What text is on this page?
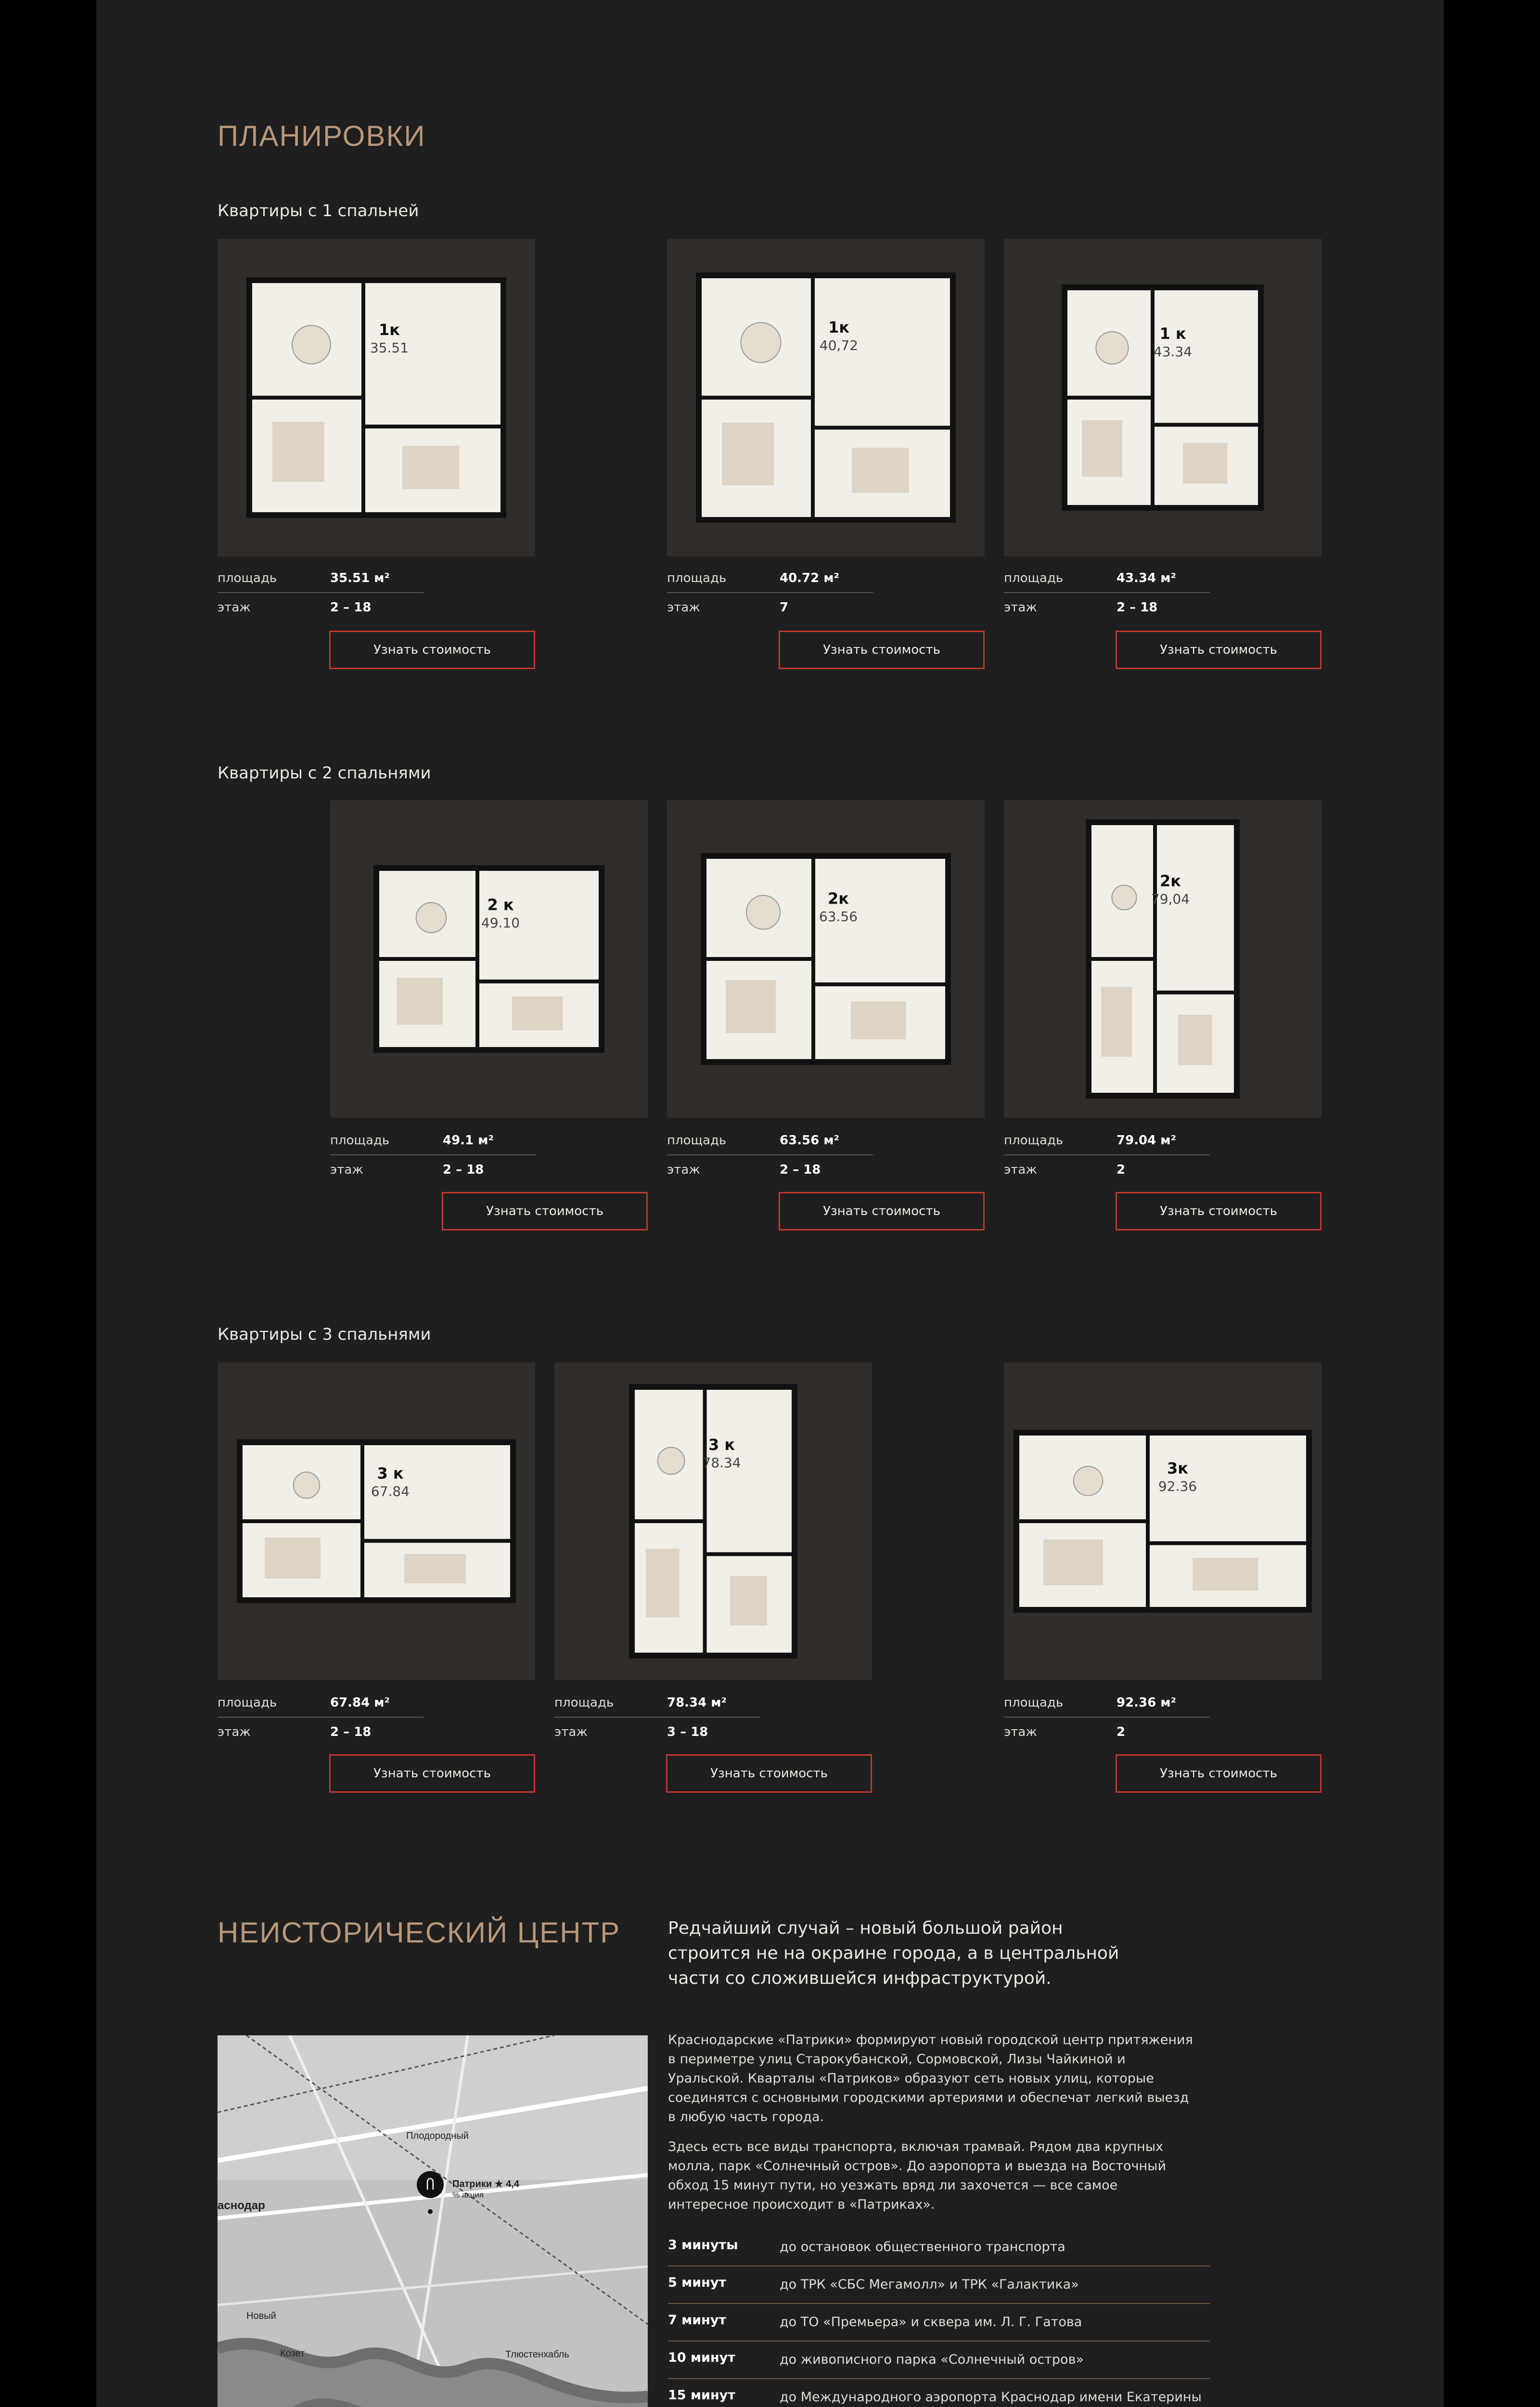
ПЛАНИРОВКИ
Квартиры с 1 спальней
Квартиры с 2 спальнями
Квартиры с 3 спальнями
1к
35.51
площадь	35.51 м²
этаж	2 – 18
Узнать стоимость
1к
40,72
площадь	40.72 м²
этаж	7
Узнать стоимость
1 к
43.34
площадь	43.34 м²
этаж	2 – 18
Узнать стоимость
2 к
49.10
площадь	49.1 м²
этаж	2 – 18
Узнать стоимость
2к
63.56
площадь	63.56 м²
этаж	2 – 18
Узнать стоимость
2к
79,04
площадь	79.04 м²
этаж	2
Узнать стоимость
3 к
67.84
площадь	67.84 м²
этаж	2 – 18
Узнать стоимость
3 к
78.34
площадь	78.34 м²
этаж	3 – 18
Узнать стоимость
3к
92.36
площадь	92.36 м²
этаж	2
Узнать стоимость
НЕИСТОРИЧЕСКИЙ ЦЕНТР	Редчайший случай – новый большой район строится не на окраине города, а в центральной части со сложившейся инфраструктурой.
Ⴖ Патрики ★ 4,4
% акция
Плодородный
аснодар
Новый
Козет	Тлюстенхабль
Краснодарские «Патрики» формируют новый городской центр притяжения в периметре улиц Старокубанской, Сормовской, Лизы Чайкиной и Уральской. Кварталы «Патриков» образуют сеть новых улиц, которые соединятся с основными городскими артериями и обеспечат легкий выезд в любую часть города.
Здесь есть все виды транспорта, включая трамвай. Рядом два крупных молла, парк «Солнечный остров». До аэропорта и выезда на Восточный обход 15 минут пути, но уезжать вряд ли захочется — все самое интересное происходит в «Патриках».
3 минуты	до остановок общественного транспорта
5 минут	до ТРК «СБС Мегамолл» и ТРК «Галактика»
7 минут	до ТО «Премьера» и сквера им. Л. Г. Гатова
10 минут	до живописного парка «Солнечный остров»
15 минут	до Международного аэропорта Краснодар имени Екатерины
